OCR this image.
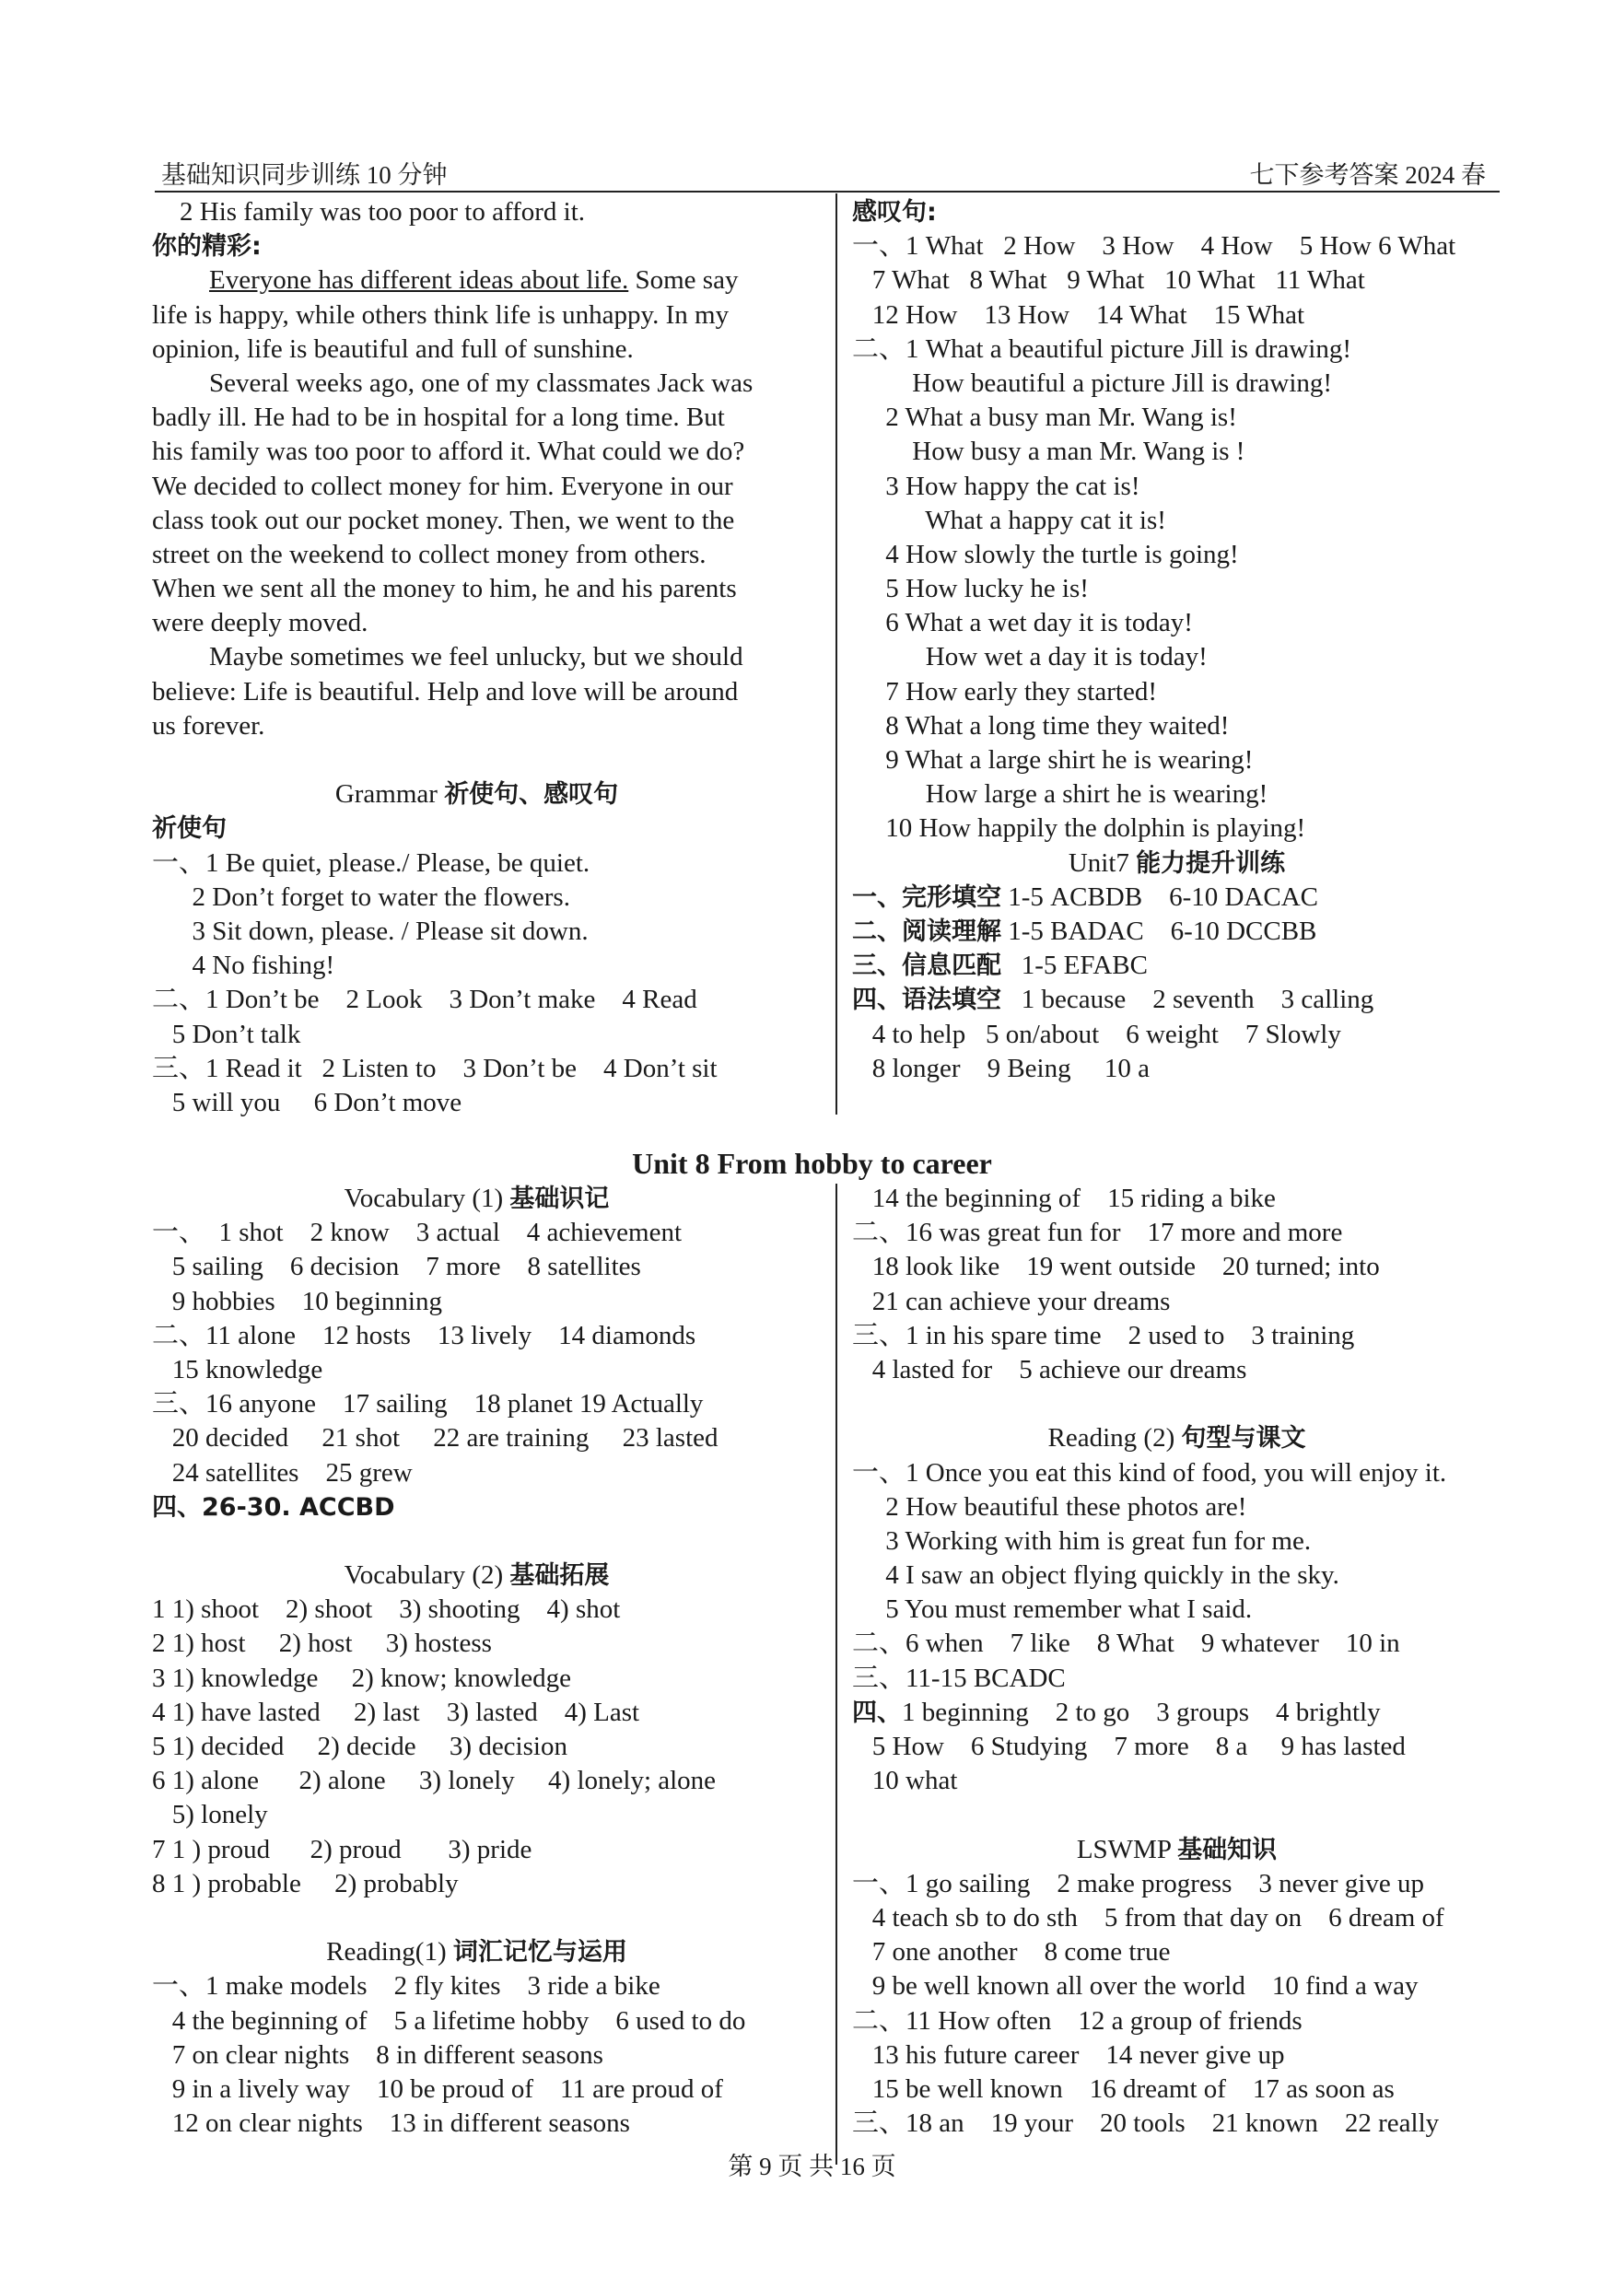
基础知识同步训练 10 分钟	七下参考答案 2024 春
2 His family was too poor to afford it.
你的精彩:
Everyone has different ideas about life. Some say
life is happy, while others think life is unhappy. In my
opinion, life is beautiful and full of sunshine.
Several weeks ago, one of my classmates Jack was
badly ill. He had to be in hospital for a long time. But
his family was too poor to afford it. What could we do?
We decided to collect money for him. Everyone in our
class took out our pocket money. Then, we went to the
street on the weekend to collect money from others.
When we sent all the money to him, he and his parents
were deeply moved.
Maybe sometimes we feel unlucky, but we should
believe: Life is beautiful. Help and love will be around
us forever.
Grammar 祈使句、感叹句
祈使句
一、1 Be quiet, please./ Please, be quiet.
2 Don’t forget to water the flowers.
3 Sit down, please. / Please sit down.
4 No fishing!
二、1 Don’t be    2 Look    3 Don’t make    4 Read
5 Don’t talk
三、1 Read it   2 Listen to    3 Don’t be    4 Don’t sit
5 will you     6 Don’t move
感叹句:
一、1 What   2 How    3 How    4 How    5 How 6 What
7 What   8 What   9 What   10 What   11 What
12 How    13 How    14 What    15 What
二、1 What a beautiful picture Jill is drawing!
How beautiful a picture Jill is drawing!
2 What a busy man Mr. Wang is!
How busy a man Mr. Wang is !
3 How happy the cat is!
What a happy cat it is!
4 How slowly the turtle is going!
5 How lucky he is!
6 What a wet day it is today!
How wet a day it is today!
7 How early they started!
8 What a long time they waited!
9 What a large shirt he is wearing!
How large a shirt he is wearing!
10 How happily the dolphin is playing!
Unit7 能力提升训练
一、完形填空 1-5 ACBDB    6-10 DACAC
二、阅读理解 1-5 BADAC    6-10 DCCBB
三、信息匹配   1-5 EFABC
四、语法填空   1 because    2 seventh    3 calling
4 to help   5 on/about    6 weight    7 Slowly
8 longer    9 Being     10 a
Unit 8 From hobby to career
Vocabulary (1) 基础识记
一、  1 shot    2 know    3 actual    4 achievement
5 sailing    6 decision    7 more    8 satellites
9 hobbies    10 beginning
二、11 alone    12 hosts    13 lively    14 diamonds
15 knowledge
三、16 anyone    17 sailing    18 planet 19 Actually
20 decided     21 shot     22 are training     23 lasted
24 satellites    25 grew
四、26-30. ACCBD
Vocabulary (2) 基础拓展
1 1) shoot    2) shoot    3) shooting    4) shot
2 1) host     2) host     3) hostess
3 1) knowledge     2) know; knowledge
4 1) have lasted     2) last    3) lasted    4) Last
5 1) decided     2) decide     3) decision
6 1) alone      2) alone     3) lonely     4) lonely; alone
5) lonely
7 1 ) proud      2) proud       3) pride
8 1 ) probable     2) probably
Reading(1) 词汇记忆与运用
一、1 make models    2 fly kites    3 ride a bike
4 the beginning of    5 a lifetime hobby    6 used to do
7 on clear nights    8 in different seasons
9 in a lively way    10 be proud of    11 are proud of
12 on clear nights    13 in different seasons
14 the beginning of    15 riding a bike
二、16 was great fun for    17 more and more
18 look like    19 went outside    20 turned; into
21 can achieve your dreams
三、1 in his spare time    2 used to    3 training
4 lasted for    5 achieve our dreams
Reading (2) 句型与课文
一、1 Once you eat this kind of food, you will enjoy it.
2 How beautiful these photos are!
3 Working with him is great fun for me.
4 I saw an object flying quickly in the sky.
5 You must remember what I said.
二、6 when    7 like    8 What    9 whatever    10 in
三、11-15 BCADC
四、1 beginning    2 to go    3 groups    4 brightly
5 How    6 Studying    7 more    8 a     9 has lasted
10 what
LSWMP 基础知识
一、1 go sailing    2 make progress    3 never give up
4 teach sb to do sth    5 from that day on    6 dream of
7 one another    8 come true
9 be well known all over the world    10 find a way
二、11 How often    12 a group of friends
13 his future career    14 never give up
15 be well known    16 dreamt of    17 as soon as
三、18 an    19 your    20 tools    21 known    22 really
第 9 页 共 16 页
